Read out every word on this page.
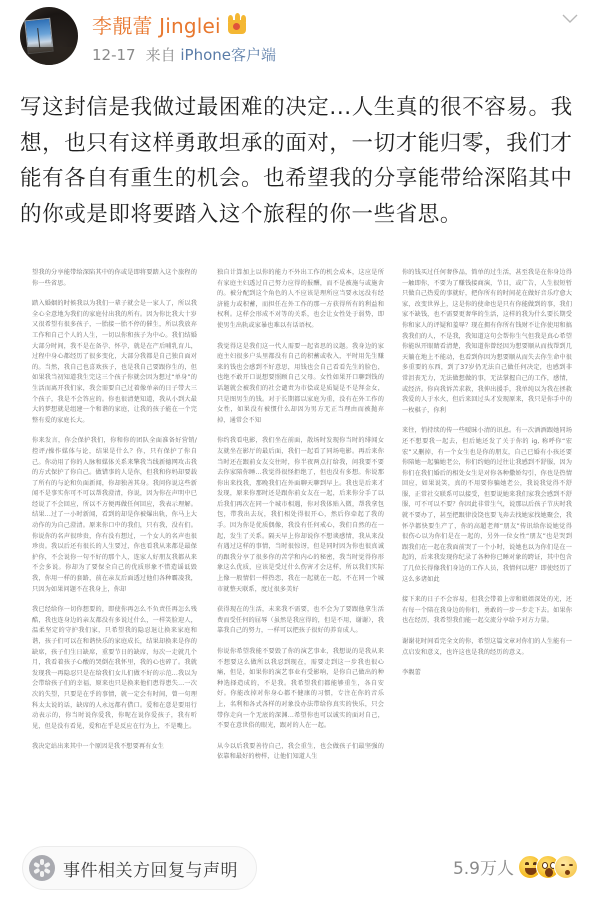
李靚蕾 Jinglei
12-17 来自 iPhone客户端
写这封信是我做过最困难的决定...人生真的很不容易。我想，也只有这样勇敢坦承的面对，一切才能归零，我们才能有各自有重生的机会。也希望我的分享能带给深陷其中的你或是即将要踏入这个旅程的你一些省思。

望我的分享能带给深陷其中的你或是即将要踏入这个旅程的你一些省思。

踏入婚姻的时候我以为我们一辈子就会是一家人了，所以我全心全意地为我们的家庭付出我的所有。因为你比我大十岁又很希望有很多孩子，一胎接一胎不停的催生，所以我放弃工作和自己个人的人生，一切以你和孩子为中心。我们结婚大部分时间，我不是在备孕、怀孕，就是在产后哺乳育儿，过程中身心都经历了很多变化，大部分我都是自己独自面对的。当然，我自己也喜欢孩子，也是我自己要跟你生的，但如果我当初知道我生完这三个孩子你就会因为想过“单身”的生活而离开我们家，我会需要自己过着像单亲的日子带大三个孩子，我是不会答应的。你也很清楚知道，我从小到大最大的梦想就是组建一个和谐的家庭，让我的孩子能在一个完整有爱的家庭长大。

你来发言，你会保护我们，你和你的团队全面准备好营销/控评/操作媒体与论，结果是什么？你，只有保护了你自己。你动用了你的人脉和媒体关系来擎我当线新德网攻击我的方式保护了你自己。做错事的人是你，但我和你妈却要载了所有的与论和负面新闻，你却独善其身。我问你说这些新闻不是事实你可不可以帮我澄清，你说，因为你在声明中已经说了不会回应，所以不方便再做任何回应，我表示理解。结果...过了一小时新闻，看到的却是你被爆出轨，你马上大动作的为自己澄清。原来你口中的我们，只有我，没有们。你说你的名声很珍贵，你有没有想过，一个女人的名声也很珍贵。我以后还有很长的人生要过，你也看我从来都是最保护你，不会说你一句不好的那个人，连家人好朋友我都从来不会多说。你却为了要保全自己的优质形象不惜造谣诋毁我，你用一样的套路，前在亲友后面透过他们各种霸凌我，只因为如果问题不在我身上，你却

我已经给你一切你想要的，即使你再怎么不负责任再怎么残酷，我也连身边的亲友都没有多说过什么，一样笑脸迎人，温柔坚定的守护我们家，只希望我的隐忍退让换来家庭和谐，孩子们可以在和谐快乐的家庭成长，结果却换来是你的缺席，孩子们生日缺席，重要节日的缺席，每次一走就几个月，我看着孩子心酸的哭倒在我怀里，我的心也碎了。我就发现我一再隐忍只是在给我们女儿们做不好的示范...我以为会带给孩子们的幸福，原来也只是换来他们患得患失...一次次的失望，只要是在乎的事情，就一定会有时间，曾一句理科太太说的话，缺席的人永远都有借口。爱和在意是要用行动表示的，你当时说你爱我，你呢在说你爱孩子，我有听见，但是没有看见，爱和在乎是反应在行为上，不是嘴上。

我决定站出来其中一个原因是我不想要再有女生

独自计算加上以你的能力不外出工作的机会成本，这应是所有家庭主妇透过自己努力应得的报酬，而不是被施与或施舍的。被分配到这个角色的人不应该是理所应当要永远没有经济能力或积蓄，而担任在外工作的那一方获得所有的利益和权利。这样会形成不对等的关系，也会让女性处于弱势，即使男生出轨或家暴也难以有话语权。

我觉得这是我们这一代人需要一起省思的议题。我身边的家庭主妇很多户头里都没有自己的积蓄或收入，平时用先生赚来的钱也会感到不好意思，用钱也会自己看看先生的脸色，也绝不敢开口说想要照顾自己父母。女性如果开口聊到钱的话题就会被我们的社会谴责为市侩或是质疑是不是拜金女，只是图男生的钱。对于长期都以家庭为重，没有在外工作的女性，如果没有被惯什么却因为男方无正当理由而被抛弃掉，通常会不知

你约我看电影，我们坐在前面，散场时发现你当时的绯闻女友就坐在影厅的最后面，我们一起看了同场电影。再后来你当时还在跟前女友交往时，你半夜两点打给我，问我要不要去你家陪你睡...我觉得很怪拒绝了，但也没有多想。你说那你出来找我，那晚我们在外面聊天聊到早上。我也是后来才发现，原来你那时还是跟你前女友在一起，后来你分手了以后我们再次在同一个城市相遇，你对我体贴入微，帮我拿包包，带我出去玩，我们相处得很开心，然后你牵起了我的手。因为你是优质偶像，我没有任何戒心，我们自然的在一起，发生了关系。隔天早上你却说你不想谈感情，我从来没有遇过这样的事情，当时很惊讶，但是同时因为你也很真诚的跟我分享了很多你的苦学和内心的秘密，我当时觉得你形象这么优质，应该是受过什么伤害才会这样，所以我们实际上像一般情侣一样热恋，我在一起就在一起，不在同一个城市就整天联系，度过很多美好

获得现在的生活，未来我不需要，也不会为了要跟他拿生活费而受任何的屈辱（虽然是我应得的，但是不用，谢谢），我靠我自己的努力，一样可以把孩子很好的养育成人。

你说你希望我能不要毁了你的演艺事业，我想说的是我从来不想要这么做所以我忍到现在，需要走到这一步我也很心痛，但是，如果你的演艺事业有受影响，是你自己做出的种种选择造成的，不是我。我希望我们都能够重生，各自安好。你能改掉对你身心都不健康的习惯，专注在你的音乐上，名利和各式各样的对象没办法带给你真实的快乐，只会带你走向一个无底的深渊...希望你也可以诚实的面对自己，不要在意世俗的眼光，跟对的人在一起。

从今以后我要善待自己，我会重生，也会做孩子们最坚强的依靠和最好的榜样，让他们知道人生

你的钱买过任何奢侈品，简单的过生活，甚至我是在你身边得一触即你，不要为了赚钱接商演，节目，或广告，人生很短暂只做自己热爱的事就好，把你所有的时间花在做好音乐疗愈大家，改变世界上，这是你的使命也是只有你能做到的事，我们家不缺钱，也不需要更奢华的生活，这样的我为什么要长期受你和家人的评疑和羞辱？现在拥有你所有钱财不让你使用和搞我我们的人，不是我，我知道这句会帮你生气但我是真心希望你能纵开眼睛看清楚，我知道你曾经因为想要顺从而找帮到几天躺在地上不能动，也看到你因为想要顺从而失去你生命中很多重要的东西，到了37岁仍无法自己做任何决定，也感到非常沮丧无力，无法做想做的事，无法掌握自己的工作，感情，或经济。你向我诉苦求救，我伸出援手，我单纯以为我在拯救我爱的人于水火，但后来回过头才发现原来，我只是你手中的一枚棋子，你利

来往，悄持续的传一些暧昧小清的讯息。有一次酒酒跟她同场还不想要我一起去，但后她还发了关于你的 ig, 称呼你“宏宏”又删掉，有一个女生也是你的朋友，自己已婚有小孩还要你陪她一起骗她老公，你们约她的过往让我感到不舒服，因为你们在我们婚后的相处女生是对你各种撒娇勾引，你也是热情回应，如果说笑，真的不用要你骗她老公，我说我觉得不舒服，正常社交联系可以接受，但要说她来我们家我会感到不舒服，可不可以不要？你因此非常生气，说那以后孩子节庆时我就不要办了，甚至把跟律没饶也要飞奔去找她家找她聚会，我怀孕都快要生产了，你的高超老师“朋友”传讯给你说她觉得很伤心以为你们是在一起的，另外一位女性“朋友”也是哭到跟我们在一起在我面前哭了一个小时，说她也以为你们是在一起的，后来我发现你纪录了各种你已睡对象的跨证，其中包含了几位长得像我们身边的工作人员，我情何以堪？即使经历了这么多诸如此

接下来的日子不会容易，但我会带着上帝和姐姐深处的光，还有每一个陪在我身边的你们，勇敢的一步一步走下去。如果你也在经历，我希望我们能一起交流分享给予对方力量。

谢谢花时间看完全文的你，希望这篇文章对你们的人生能有一点启发和意义，也许这也是我的经历的意义。

李靚蕾

事件相关方回复与声明	5.9万人
